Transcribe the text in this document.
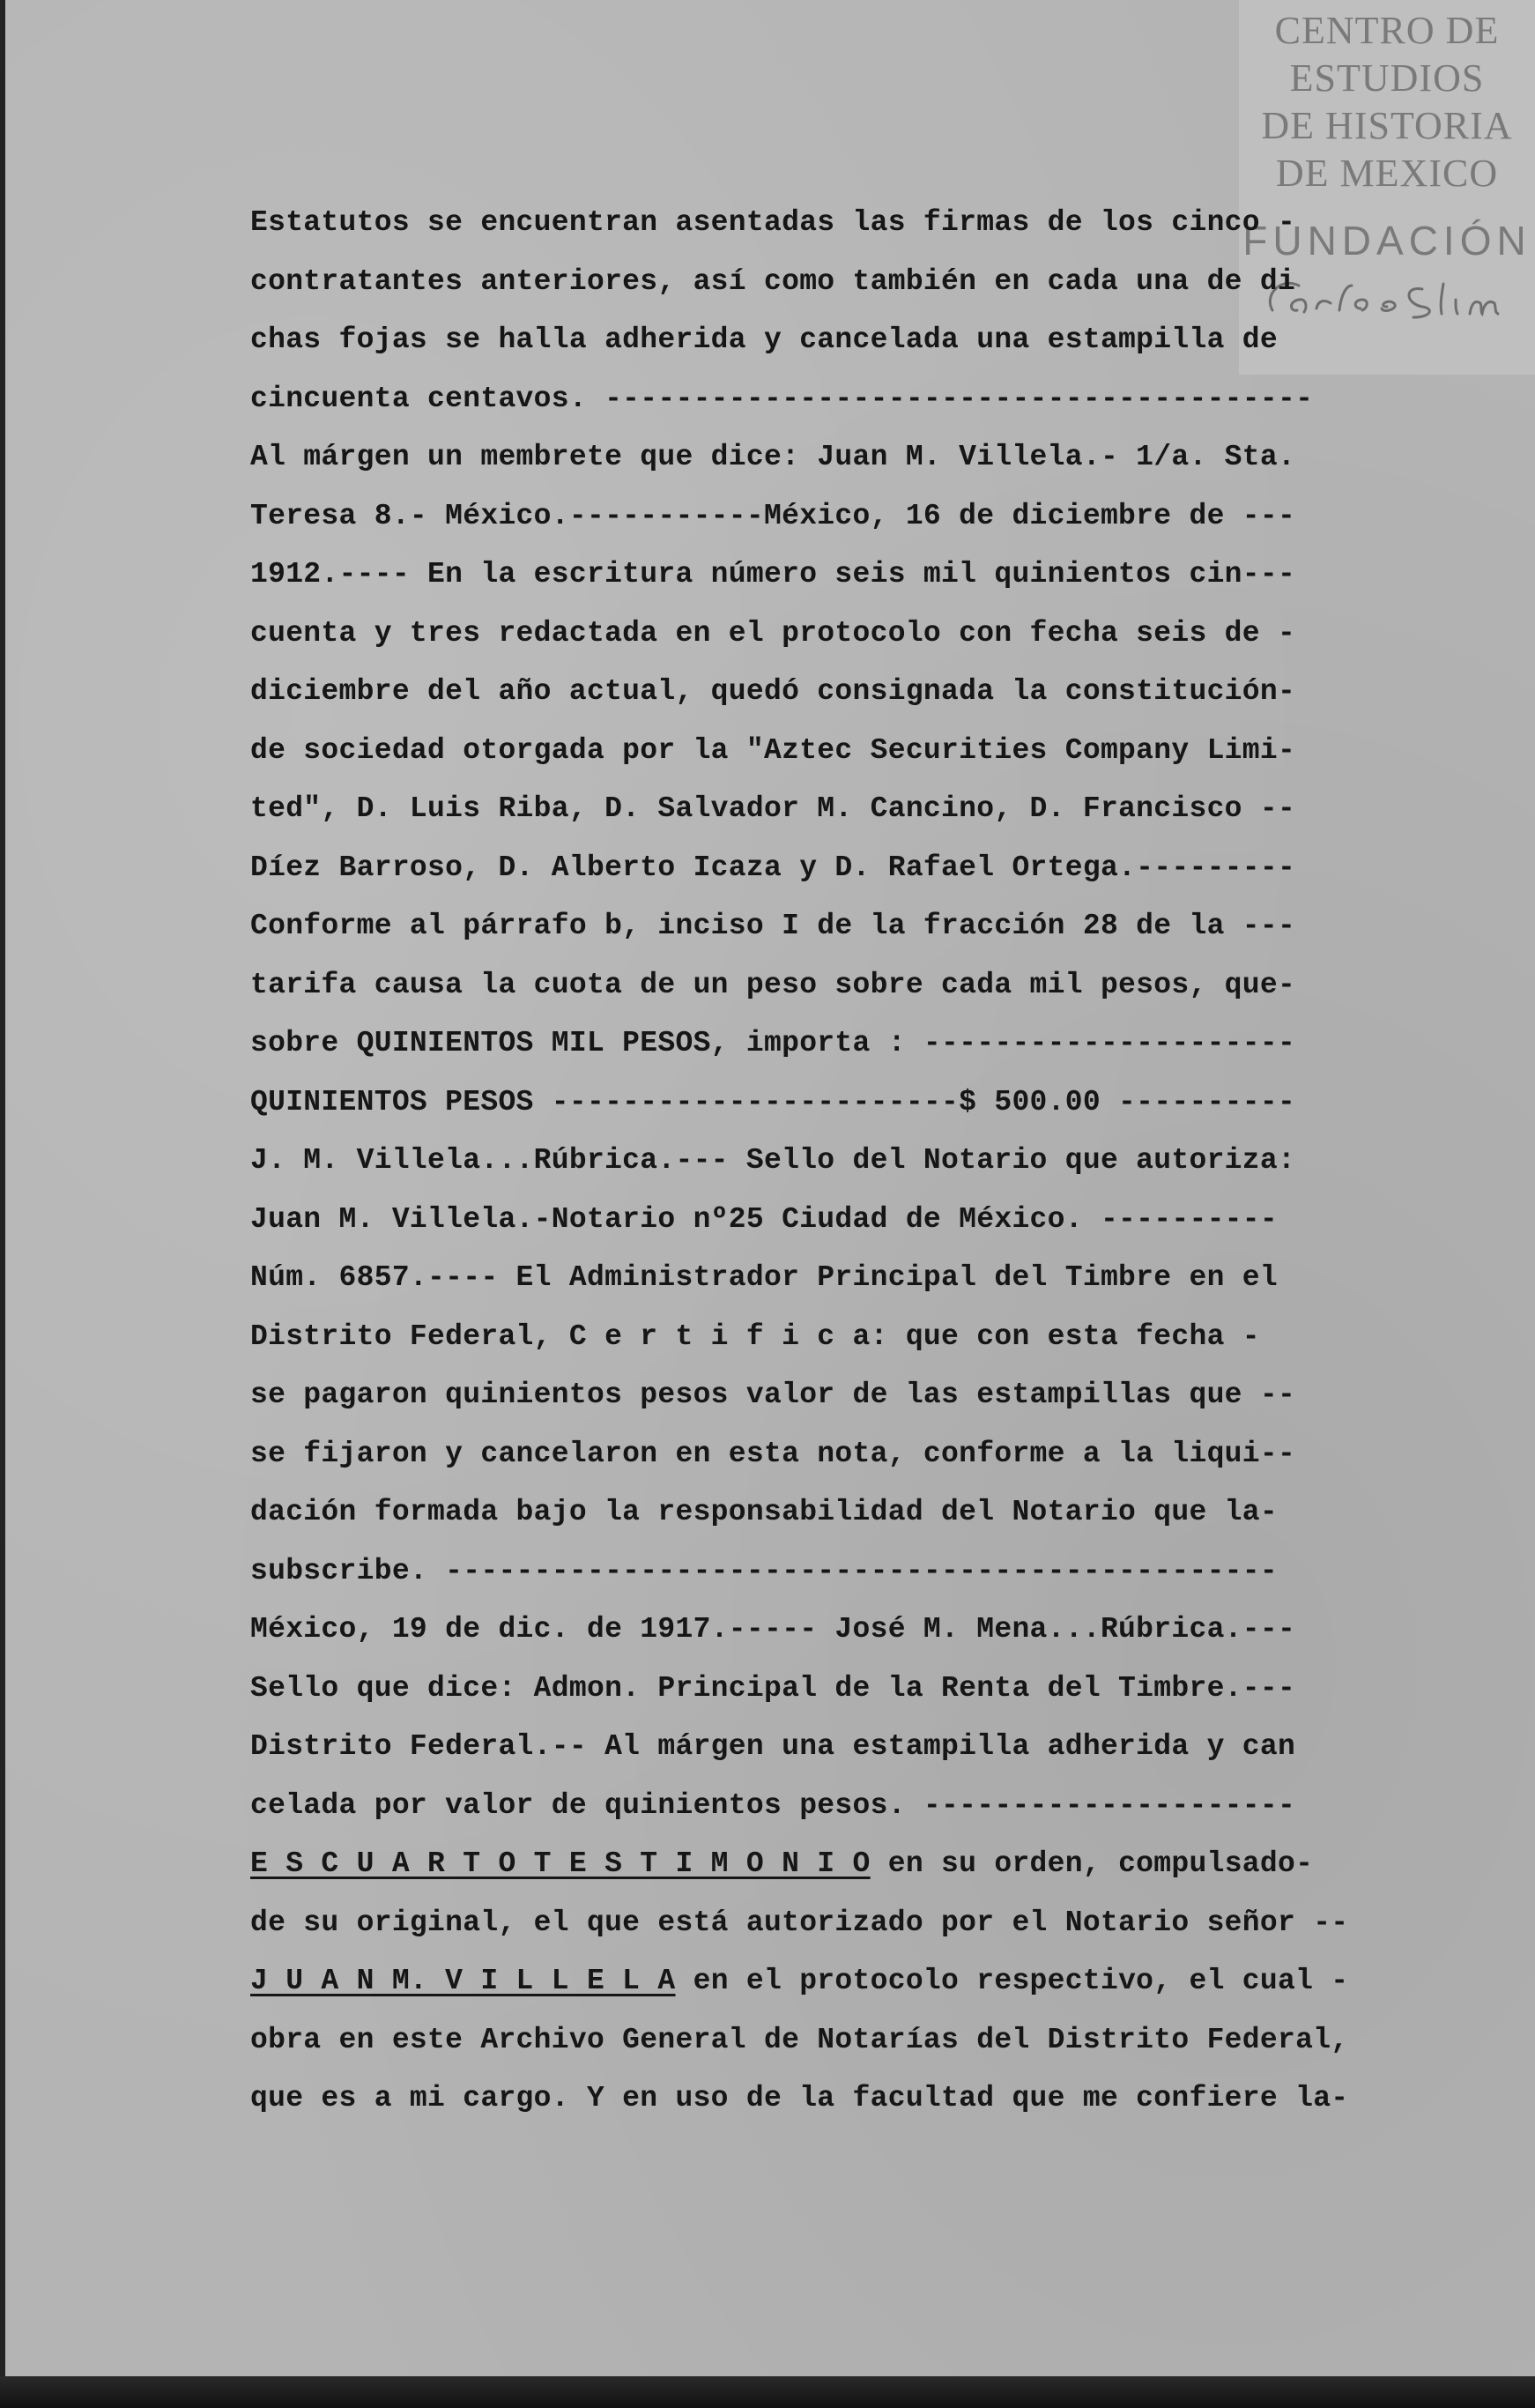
CENTRO DE
ESTUDIOS
DE HISTORIA
DE MEXICO
FUNDACIÓN
Estatutos se encuentran asentadas las firmas de los cinco -
contratantes anteriores, así como también en cada una de di
chas fojas se halla adherida y cancelada una estampilla de
cincuenta centavos. ----------------------------------------
Al márgen un membrete que dice: Juan M. Villela.- 1/a. Sta.
Teresa 8.- México.-----------México, 16 de diciembre de ---
1912.---- En la escritura número seis mil quinientos cin---
cuenta y tres redactada en el protocolo con fecha seis de -
diciembre del año actual, quedó consignada la constitución-
de sociedad otorgada por la "Aztec Securities Company Limi-
ted", D. Luis Riba, D. Salvador M. Cancino, D. Francisco --
Díez Barroso, D. Alberto Icaza y D. Rafael Ortega.---------
Conforme al párrafo b, inciso I de la fracción 28 de la ---
tarifa causa la cuota de un peso sobre cada mil pesos, que-
sobre QUINIENTOS MIL PESOS, importa : ---------------------
QUINIENTOS PESOS -----------------------$ 500.00 ----------
J. M. Villela...Rúbrica.--- Sello del Notario que autoriza:
Juan M. Villela.-Notario nº25 Ciudad de México. ----------
Núm. 6857.---- El Administrador Principal del Timbre en el
Distrito Federal, C e r t i f i c a: que con esta fecha -
se pagaron quinientos pesos valor de las estampillas que --
se fijaron y cancelaron en esta nota, conforme a la liqui--
dación formada bajo la responsabilidad del Notario que la-
subscribe. -----------------------------------------------
México, 19 de dic. de 1917.----- José M. Mena...Rúbrica.---
Sello que dice: Admon. Principal de la Renta del Timbre.---
Distrito Federal.-- Al márgen una estampilla adherida y can
celada por valor de quinientos pesos. ---------------------
E S C U A R T O T E S T I M O N I O en su orden, compulsado-
de su original, el que está autorizado por el Notario señor --
J U A N M. V I L L E L A en el protocolo respectivo, el cual -
obra en este Archivo General de Notarías del Distrito Federal,
que es a mi cargo. Y en uso de la facultad que me confiere la-
